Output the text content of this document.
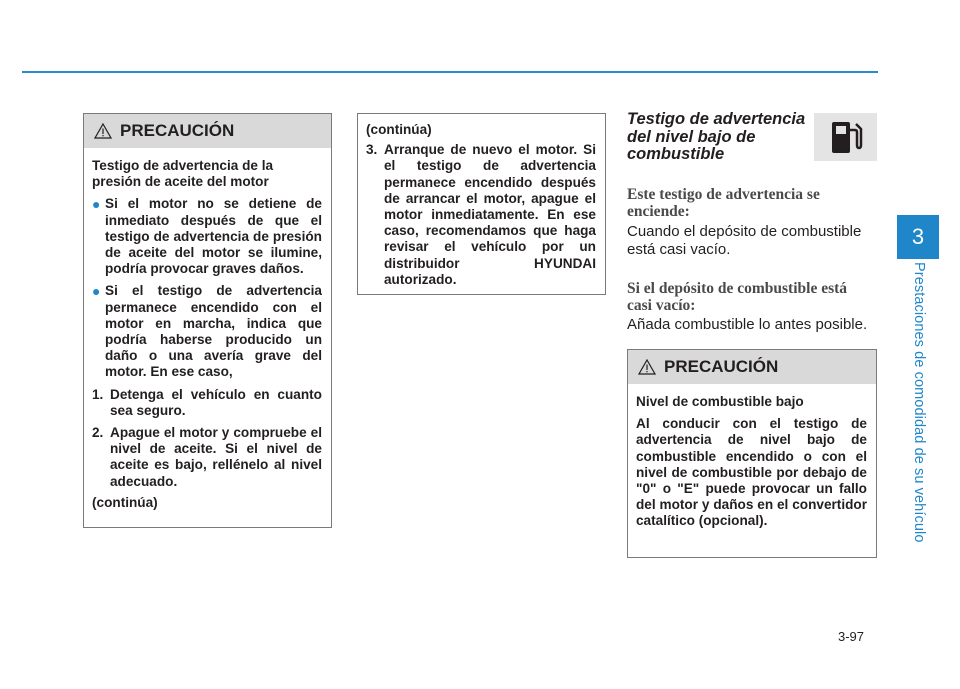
3
Prestaciones de comodidad de su vehículo
PRECAUCIÓN

Testigo de advertencia de la presión de aceite del motor

● Si el motor no se detiene de inmediato después de que el testigo de advertencia de presión de aceite del motor se ilumine, podría provocar graves daños.
● Si el testigo de advertencia permanece encendido con el motor en marcha, indica que podría haberse producido un daño o una avería grave del motor. En ese caso,
1. Detenga el vehículo en cuanto sea seguro.
2. Apague el motor y compruebe el nivel de aceite. Si el nivel de aceite es bajo, rellénelo al nivel adecuado.

(continúa)

(continúa)

3. Arranque de nuevo el motor. Si el testigo de advertencia permanece encendido después de arrancar el motor, apague el motor inmediatamente. En ese caso, recomendamos que haga revisar el vehículo por un distribuidor HYUNDAI autorizado.
Testigo de advertencia del nivel bajo de combustible
Este testigo de advertencia se enciende:
Cuando el depósito de combustible está casi vacío.
Si el depósito de combustible está casi vacío:
Añada combustible lo antes posible.
PRECAUCIÓN

Nivel de combustible bajo

Al conducir con el testigo de advertencia de nivel bajo de combustible encendido o con el nivel de combustible por debajo de "0" o "E" puede provocar un fallo del motor y daños en el convertidor catalítico (opcional).

3-97
